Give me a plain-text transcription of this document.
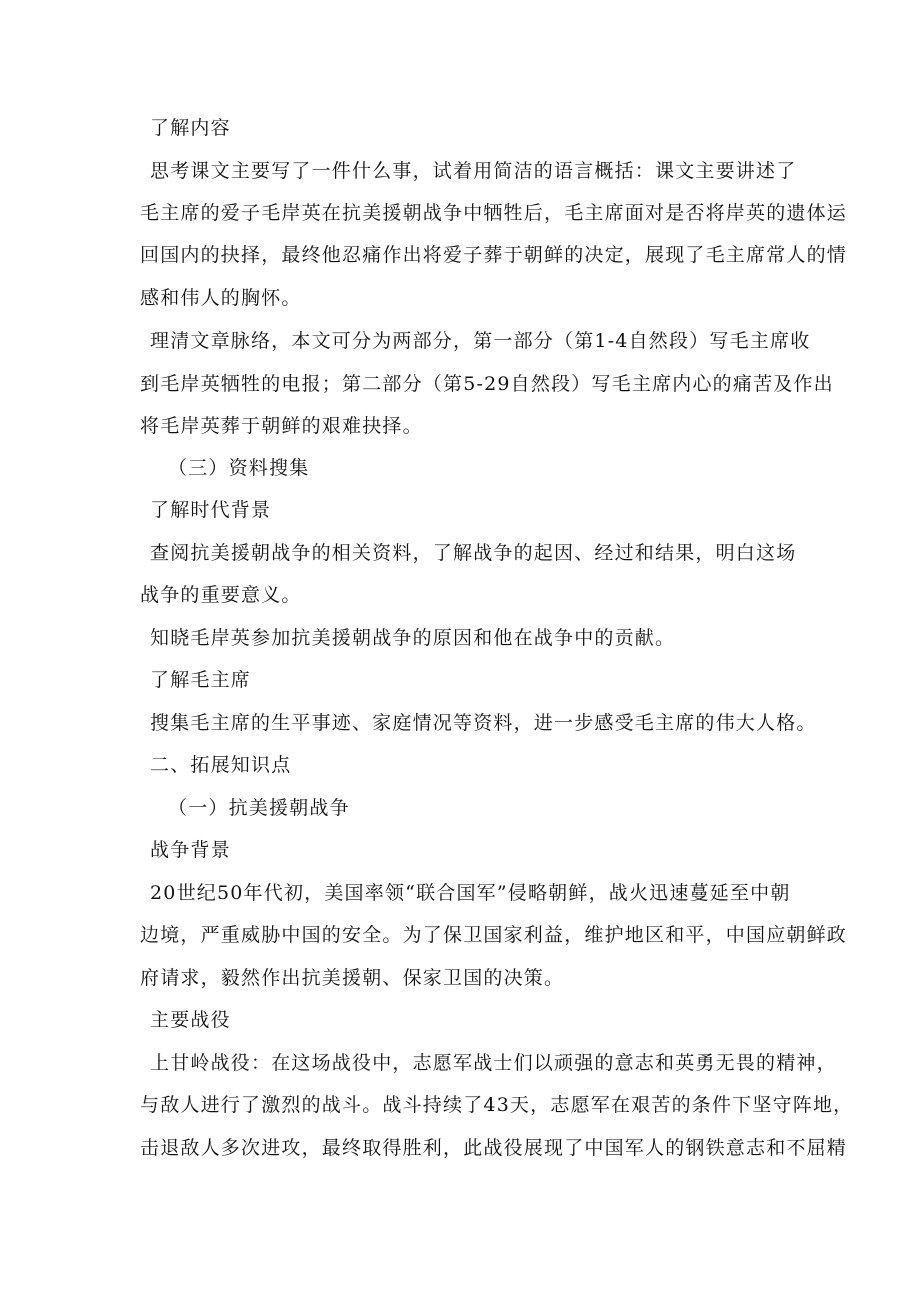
了解内容

思考课文主要写了一件什么事，试着用简洁的语言概括：课文主要讲述了

毛主席的爱子毛岸英在抗美援朝战争中牺牲后，毛主席面对是否将岸英的遗体运

回国内的抉择，最终他忍痛作出将爱子葬于朝鲜的决定，展现了毛主席常人的情

感和伟人的胸怀。

理清文章脉络，本文可分为两部分，第一部分（第1-4自然段）写毛主席收

到毛岸英牺牲的电报；第二部分（第5-29自然段）写毛主席内心的痛苦及作出

将毛岸英葬于朝鲜的艰难抉择。

（三）资料搜集

了解时代背景

查阅抗美援朝战争的相关资料，了解战争的起因、经过和结果，明白这场

战争的重要意义。

知晓毛岸英参加抗美援朝战争的原因和他在战争中的贡献。

了解毛主席

搜集毛主席的生平事迹、家庭情况等资料，进一步感受毛主席的伟大人格。

二、拓展知识点

（一）抗美援朝战争

战争背景

20世纪50年代初，美国率领“联合国军”侵略朝鲜，战火迅速蔓延至中朝

边境，严重威胁中国的安全。为了保卫国家利益，维护地区和平，中国应朝鲜政

府请求，毅然作出抗美援朝、保家卫国的决策。

主要战役

上甘岭战役：在这场战役中，志愿军战士们以顽强的意志和英勇无畏的精神，

与敌人进行了激烈的战斗。战斗持续了43天，志愿军在艰苦的条件下坚守阵地，

击退敌人多次进攻，最终取得胜利，此战役展现了中国军人的钢铁意志和不屈精
